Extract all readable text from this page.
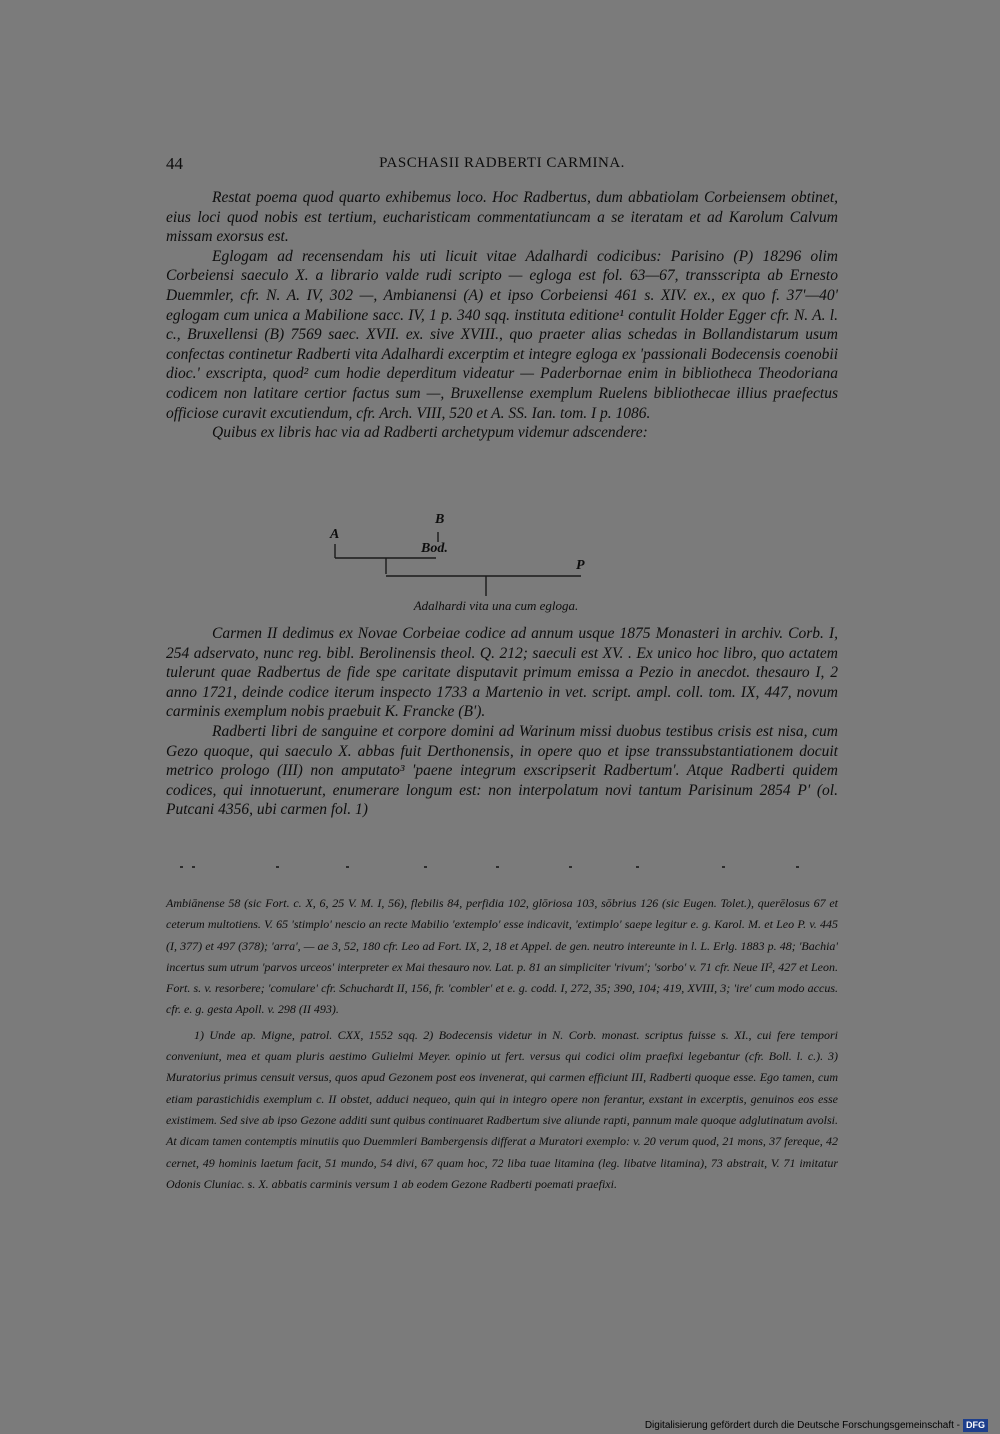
44	PASCHASII RADBERTI CARMINA.

Restat poema quod quarto exhibemus loco. Hoc Radbertus, dum abbatiolam Corbeiensem obtinet, eius loci quod nobis est tertium, eucharisticam commentatiuncam a se iteratam et ad Karolum Calvum missam exorsus est.

Eglogam ad recensendam his uti licuit vitae Adalhardi codicibus: Parisino (P) 18296 olim Corbeiensi saeculo X. a librario valde rudi scripto — egloga est fol. 63—67, transscripta ab Ernesto Duemmler, cfr. N. A. IV, 302 —, Ambianensi (A) et ipso Corbeiensi 461 s. XIV. ex., ex quo f. 37'—40' eglogam cum unica a Mabilione sacc. IV, 1 p. 340 sqq. instituta editione¹ contulit Holder Egger cfr. N. A. l. c., Bruxellensi (B) 7569 saec. XVII. ex. sive XVIII., quo praeter alias schedas in Bollandistarum usum confectas continetur Radberti vita Adalhardi excerptim et integre egloga ex 'passionali Bodecensis coenobii dioc.' exscripta, quod² cum hodie deperditum videatur — Paderbornae enim in bibliotheca Theodoriana codicem non latitare certior factus sum —, Bruxellense exemplum Ruelens bibliothecae illius praefectus officiose curavit excutiendum, cfr. Arch. VIII, 520 et A. SS. Ian. tom. I p. 1086.

Quibus ex libris hac via ad Radberti archetypum videmur adscendere:

B
A
Bod.
P
Adalhardi vita una cum egloga.

Carmen II dedimus ex Novae Corbeiae codice ad annum usque 1875 Monasteri in archiv. Corb. I, 254 adservato, nunc reg. bibl. Berolinensis theol. Q. 212; saeculi est XV. . Ex unico hoc libro, quo actatem tulerunt quae Radbertus de fide spe caritate disputavit primum emissa a Pezio in anecdot. thesauro I, 2 anno 1721, deinde codice iterum inspecto 1733 a Martenio in vet. script. ampl. coll. tom. IX, 447, novum carminis exemplum nobis praebuit K. Francke (B').

Radberti libri de sanguine et corpore domini ad Warinum missi duobus testibus crisis est nisa, cum Gezo quoque, qui saeculo X. abbas fuit Derthonensis, in opere quo et ipse transsubstantiationem docuit metrico prologo (III) non amputato³ 'paene integrum exscripserit Radbertum'. Atque Radberti quidem codices, qui innotuerunt, enumerare longum est: non interpolatum novi tantum Parisinum 2854 P' (ol. Putcani 4356, ubi carmen fol. 1)

Ambiānense 58 (sic Fort. c. X, 6, 25 V. M. I, 56), flebilis 84, perfidia 102, glōriosa 103, sōbrius 126 (sic Eugen. Tolet.), querēlosus 67 et ceterum multotiens. V. 65 'stimplo' nescio an recte Mabilio 'extemplo' esse indicavit, 'extimplo' saepe legitur e. g. Karol. M. et Leo P. v. 445 (I, 377) et 497 (378); 'arra', — ae 3, 52, 180 cfr. Leo ad Fort. IX, 2, 18 et Appel. de gen. neutro intereunte in l. L. Erlg. 1883 p. 48; 'Bachia' incertus sum utrum 'parvos urceos' interpreter ex Mai thesauro nov. Lat. p. 81 an simpliciter 'rivum'; 'sorbo' v. 71 cfr. Neue II², 427 et Leon. Fort. s. v. resorbere; 'comulare' cfr. Schuchardt II, 156, fr. 'combler' et e. g. codd. I, 272, 35; 390, 104; 419, XVIII, 3; 'ire' cum modo accus. cfr. e. g. gesta Apoll. v. 298 (II 493).

1) Unde ap. Migne, patrol. CXX, 1552 sqq. 2) Bodecensis videtur in N. Corb. monast. scriptus fuisse s. XI., cui fere tempori conveniunt, mea et quam pluris aestimo Gulielmi Meyer. opinio ut fert. versus qui codici olim praefixi legebantur (cfr. Boll. l. c.). 3) Muratorius primus censuit versus, quos apud Gezonem post eos invenerat, qui carmen efficiunt III, Radberti quoque esse. Ego tamen, cum etiam parastichidis exemplum c. II obstet, adduci nequeo, quin qui in integro opere non ferantur, exstant in excerptis, genuinos eos esse existimem. Sed sive ab ipso Gezone additi sunt quibus continuaret Radbertum sive aliunde rapti, pannum male quoque adglutinatum avolsi. At dicam tamen contemptis minutiis quo Duemmleri Bambergensis differat a Muratori exemplo: v. 20 verum quod, 21 mons, 37 fereque, 42 cernet, 49 hominis laetum facit, 51 mundo, 54 divi, 67 quam hoc, 72 liba tuae litamina (leg. libatve litamina), 73 abstrait, V. 71 imitatur Odonis Cluniac. s. X. abbatis carminis versum 1 ab eodem Gezone Radberti poemati praefixi.

Digitalisierung gefördert durch die Deutsche Forschungsgemeinschaft - DFG
